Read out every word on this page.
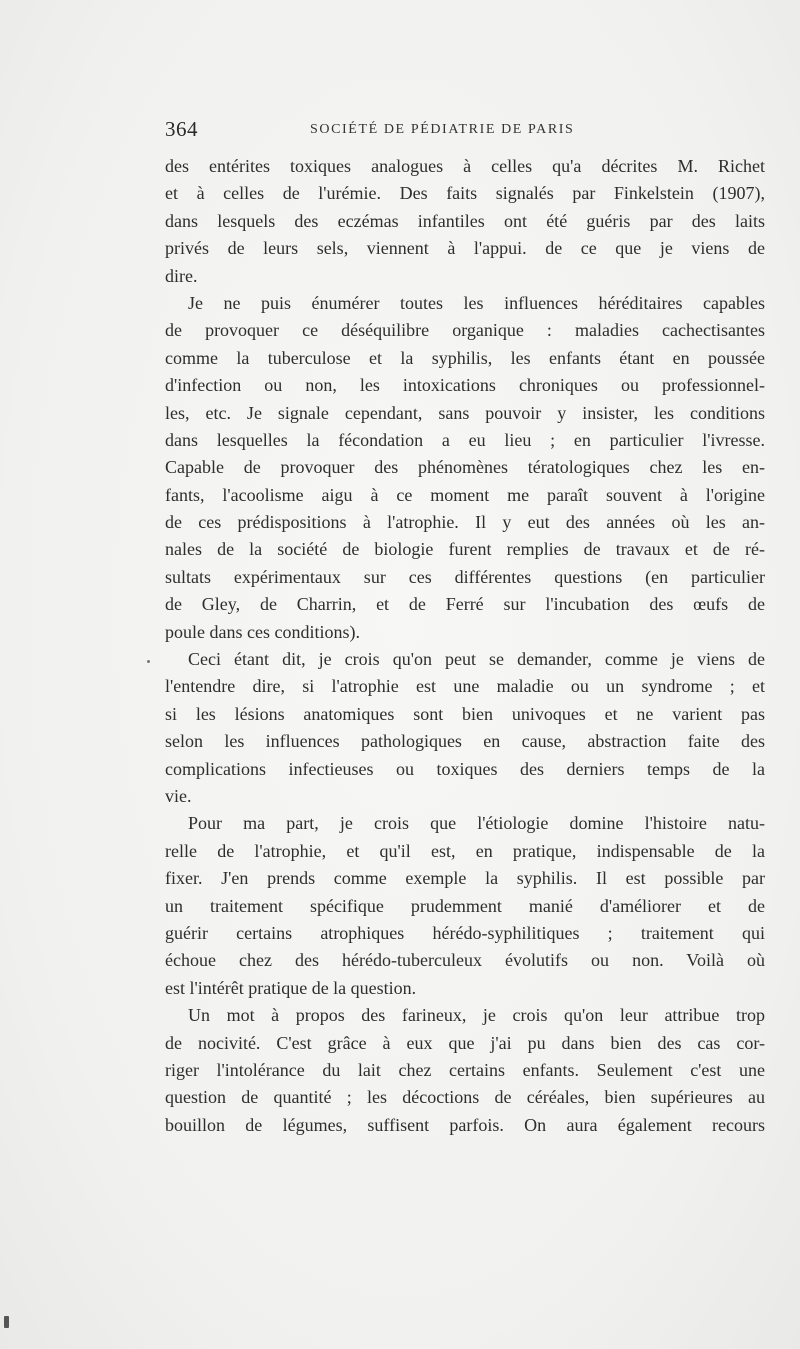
364	SOCIÉTÉ DE PÉDIATRIE DE PARIS
des entérites toxiques analogues à celles qu'a décrites M. Richet
et à celles de l'urémie. Des faits signalés par Finkelstein (1907),
dans lesquels des eczémas infantiles ont été guéris par des laits
privés de leurs sels, viennent à l'appui. de ce que je viens de
dire.
Je ne puis énumérer toutes les influences héréditaires capables
de provoquer ce déséquilibre organique : maladies cachectisantes
comme la tuberculose et la syphilis, les enfants étant en poussée
d'infection ou non, les intoxications chroniques ou professionnel-
les, etc. Je signale cependant, sans pouvoir y insister, les conditions
dans lesquelles la fécondation a eu lieu ; en particulier l'ivresse.
Capable de provoquer des phénomènes tératologiques chez les en-
fants, l'acoolisme aigu à ce moment me paraît souvent à l'origine
de ces prédispositions à l'atrophie. Il y eut des années où les an-
nales de la société de biologie furent remplies de travaux et de ré-
sultats expérimentaux sur ces différentes questions (en particulier
de Gley, de Charrin, et de Ferré sur l'incubation des œufs de
poule dans ces conditions).
Ceci étant dit, je crois qu'on peut se demander, comme je viens de
l'entendre dire, si l'atrophie est une maladie ou un syndrome ; et
si les lésions anatomiques sont bien univoques et ne varient pas
selon les influences pathologiques en cause, abstraction faite des
complications infectieuses ou toxiques des derniers temps de la
vie.
Pour ma part, je crois que l'étiologie domine l'histoire natu-
relle de l'atrophie, et qu'il est, en pratique, indispensable de la
fixer. J'en prends comme exemple la syphilis. Il est possible par
un traitement spécifique prudemment manié d'améliorer et de
guérir certains atrophiques hérédo-syphilitiques ; traitement qui
échoue chez des hérédo-tuberculeux évolutifs ou non. Voilà où
est l'intérêt pratique de la question.
Un mot à propos des farineux, je crois qu'on leur attribue trop
de nocivité. C'est grâce à eux que j'ai pu dans bien des cas cor-
riger l'intolérance du lait chez certains enfants. Seulement c'est une
question de quantité ; les décoctions de céréales, bien supérieures au
bouillon de légumes, suffisent parfois. On aura également recours
